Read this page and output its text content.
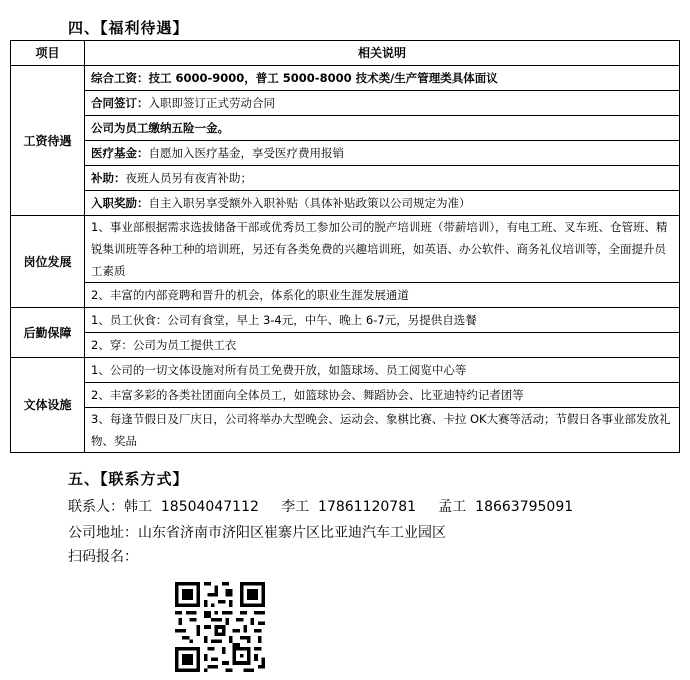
四、【福利待遇】
项目	相关说明
工资待遇	综合工资：技工 6000-9000，普工 5000-8000 技术类/生产管理类具体面议
	合同签订：入职即签订正式劳动合同
	公司为员工缴纳五险一金。
	医疗基金：自愿加入医疗基金，享受医疗费用报销
	补助：夜班人员另有夜宵补助；
	入职奖励：自主入职另享受额外入职补贴（具体补贴政策以公司规定为准）
岗位发展	1、事业部根据需求选拔储备干部或优秀员工参加公司的脱产培训班（带薪培训），有电工班、叉车班、仓管班、精锐集训班等各种工种的培训班，另还有各类免费的兴趣培训班，如英语、办公软件、商务礼仪培训等，全面提升员工素质
	2、丰富的内部竞聘和晋升的机会，体系化的职业生涯发展通道
后勤保障	1、员工伙食：公司有食堂，早上 3-4元，中午、晚上 6-7元，另提供自选餐
	2、穿：公司为员工提供工衣
文体设施	1、公司的一切文体设施对所有员工免费开放，如篮球场、员工阅览中心等
	2、丰富多彩的各类社团面向全体员工，如篮球协会、舞蹈协会、比亚迪特约记者团等
	3、每逢节假日及厂庆日，公司将举办大型晚会、运动会、象棋比赛、卡拉 OK大赛等活动；节假日各事业部发放礼物、奖品
五、【联系方式】
联系人：韩工  18504047112     李工  17861120781     孟工  18663795091
公司地址：山东省济南市济阳区崔寨片区比亚迪汽车工业园区
扫码报名：
